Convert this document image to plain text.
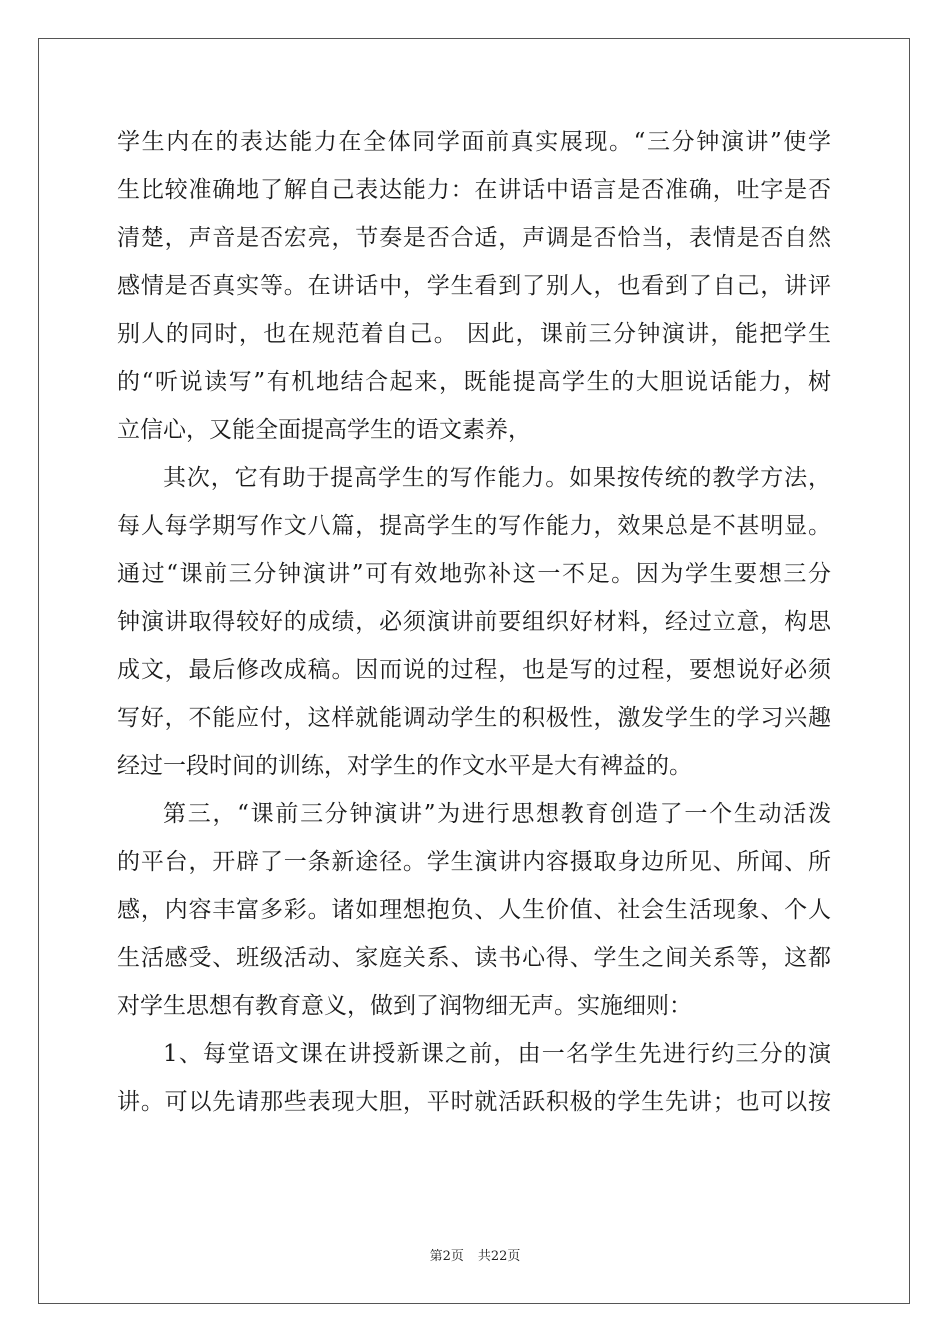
学生内在的表达能力在全体同学面前真实展现。“三分钟演讲”使学
生比较准确地了解自己表达能力：在讲话中语言是否准确，吐字是否
清楚，声音是否宏亮，节奏是否合适，声调是否恰当，表情是否自然
感情是否真实等。在讲话中，学生看到了别人，也看到了自己，讲评
别人的同时，也在规范着自己。 因此，课前三分钟演讲，能把学生
的“听说读写”有机地结合起来，既能提高学生的大胆说话能力，树
立信心，又能全面提高学生的语文素养，
其次，它有助于提高学生的写作能力。如果按传统的教学方法，
每人每学期写作文八篇，提高学生的写作能力，效果总是不甚明显。
通过“课前三分钟演讲”可有效地弥补这一不足。因为学生要想三分
钟演讲取得较好的成绩，必须演讲前要组织好材料，经过立意，构思
成文，最后修改成稿。因而说的过程，也是写的过程，要想说好必须
写好，不能应付，这样就能调动学生的积极性，激发学生的学习兴趣
经过一段时间的训练，对学生的作文水平是大有裨益的。
第三，“课前三分钟演讲”为进行思想教育创造了一个生动活泼
的平台，开辟了一条新途径。学生演讲内容摄取身边所见、所闻、所
感，内容丰富多彩。诸如理想抱负、人生价值、社会生活现象、个人
生活感受、班级活动、家庭关系、读书心得、学生之间关系等，这都
对学生思想有教育意义，做到了润物细无声。实施细则：
1、每堂语文课在讲授新课之前，由一名学生先进行约三分的演
讲。可以先请那些表现大胆，平时就活跃积极的学生先讲；也可以按
第2页 共22页
